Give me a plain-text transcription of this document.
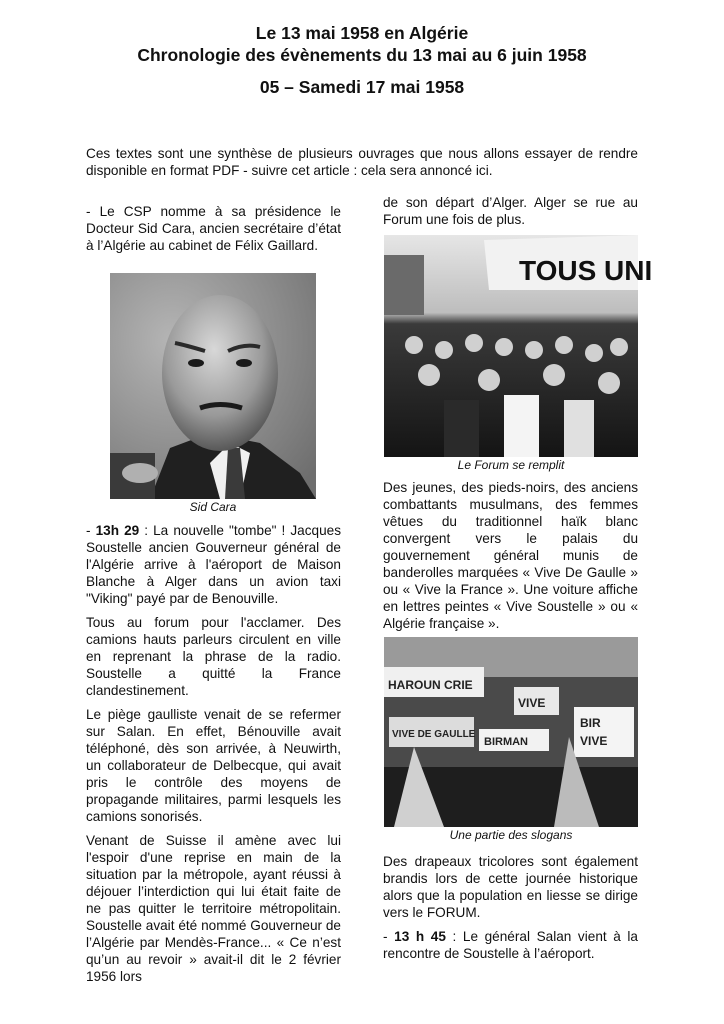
Le 13 mai 1958 en Algérie
Chronologie des évènements du 13 mai au 6 juin 1958
05 – Samedi 17 mai 1958
Ces textes sont une synthèse de plusieurs ouvrages que nous allons essayer de rendre disponible en format PDF - suivre cet article : cela sera annoncé ici.

- Le CSP nomme à sa présidence le Docteur Sid Cara, ancien secrétaire d’état à l’Algérie au cabinet de Félix Gaillard.

Sid Cara

- 13h 29 : La nouvelle "tombe" ! Jacques Soustelle ancien Gouverneur général de l'Algérie arrive à l'aéroport de Maison Blanche à Alger dans un avion taxi "Viking" payé par de Benouville.

Tous au forum pour l'acclamer. Des camions hauts parleurs circulent en ville en reprenant la phrase de la radio. Soustelle a quitté la France clandestinement.

Le piège gaulliste venait de se refermer sur Salan. En effet, Bénouville avait téléphoné, dès son arrivée, à Neuwirth, un collaborateur de Delbecque, qui avait pris le contrôle des moyens de propagande militaires, parmi lesquels les camions sonorisés.

Venant de Suisse il amène avec lui l'espoir d'une reprise en main de la situation par la métropole, ayant réussi à déjouer l’interdiction qui lui était faite de ne pas quitter le territoire métropolitain. Soustelle avait été nommé Gouverneur de l’Algérie par Mendès-France... « Ce n’est qu’un au revoir » avait-il dit le 2 février 1956 lors

de son départ d’Alger. Alger se rue au Forum une fois de plus.

TOUS UNI
Le Forum se remplit

Des jeunes, des pieds-noirs, des anciens combattants musulmans, des femmes vêtues du traditionnel haïk blanc convergent vers le palais du gouvernement général munis de banderolles marquées « Vive De Gaulle » ou « Vive la France ». Une voiture affiche en lettres peintes « Vive Soustelle » ou « Algérie française ».

HAROUN CRIE
VIVE
BIRMAN
VIVE DE GAULLE
BIR
VIVE
Une partie des slogans

Des drapeaux tricolores sont également brandis lors de cette journée historique alors que la population en liesse se dirige vers le FORUM.

- 13 h 45 : Le général Salan vient à la rencontre de Soustelle à l’aéroport.
